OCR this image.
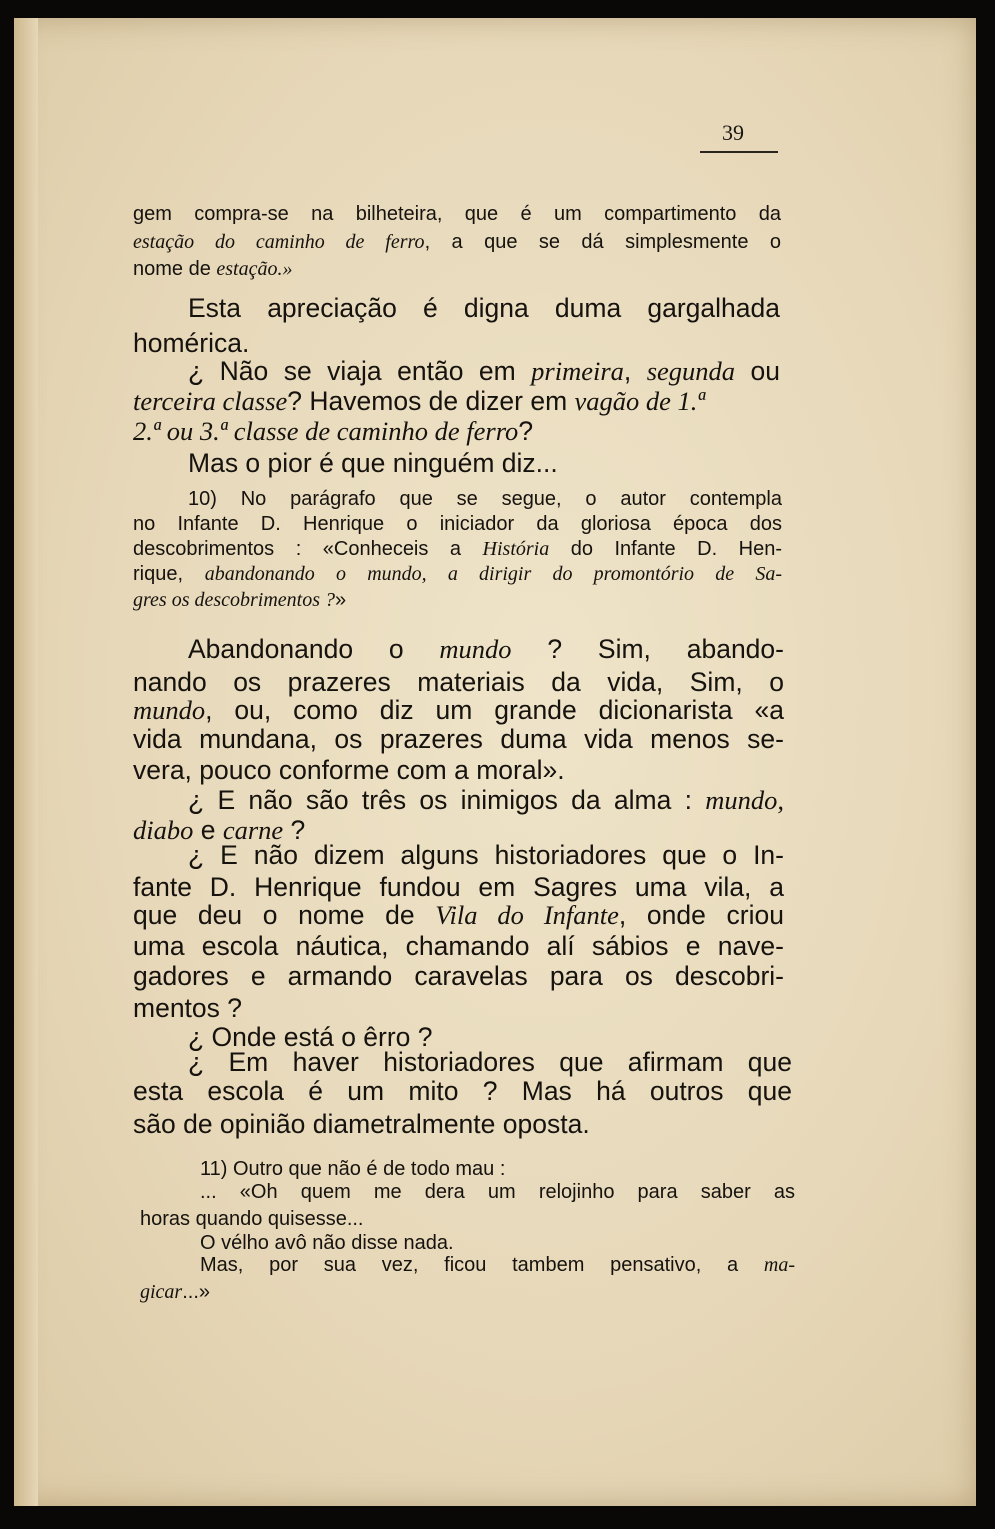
39
gem compra-se na bilheteira, que é um compartimento da
estação do caminho de ferro, a que se dá simplesmente o
nome de estação.»
Esta apreciação é digna duma gargalhada
homérica.
¿ Não se viaja então em primeira, segunda ou
terceira classe? Havemos de dizer em vagão de 1.ª
2.ª ou 3.ª classe de caminho de ferro?
Mas o pior é que ninguém diz...
10) No parágrafo que se segue, o autor contempla
no Infante D. Henrique o iniciador da gloriosa época dos
descobrimentos : «Conheceis a História do Infante D. Hen-
rique, abandonando o mundo, a dirigir do promontório de Sa-
gres os descobrimentos ?»
Abandonando o mundo ? Sim, abando-
nando os prazeres materiais da vida, Sim, o
mundo, ou, como diz um grande dicionarista «a
vida mundana, os prazeres duma vida menos se-
vera, pouco conforme com a moral».
¿ E não são três os inimigos da alma : mundo,
diabo e carne ?
¿ E não dizem alguns historiadores que o In-
fante D. Henrique fundou em Sagres uma vila, a
que deu o nome de Vila do Infante, onde criou
uma escola náutica, chamando alí sábios e nave-
gadores e armando caravelas para os descobri-
mentos ?
¿ Onde está o êrro ?
¿ Em haver historiadores que afirmam que
esta escola é um mito ? Mas há outros que
são de opinião diametralmente oposta.
11) Outro que não é de todo mau :
... «Oh quem me dera um relojinho para saber as
horas quando quisesse...
O vélho avô não disse nada.
Mas, por sua vez, ficou tambem pensativo, a ma-
gicar...»
